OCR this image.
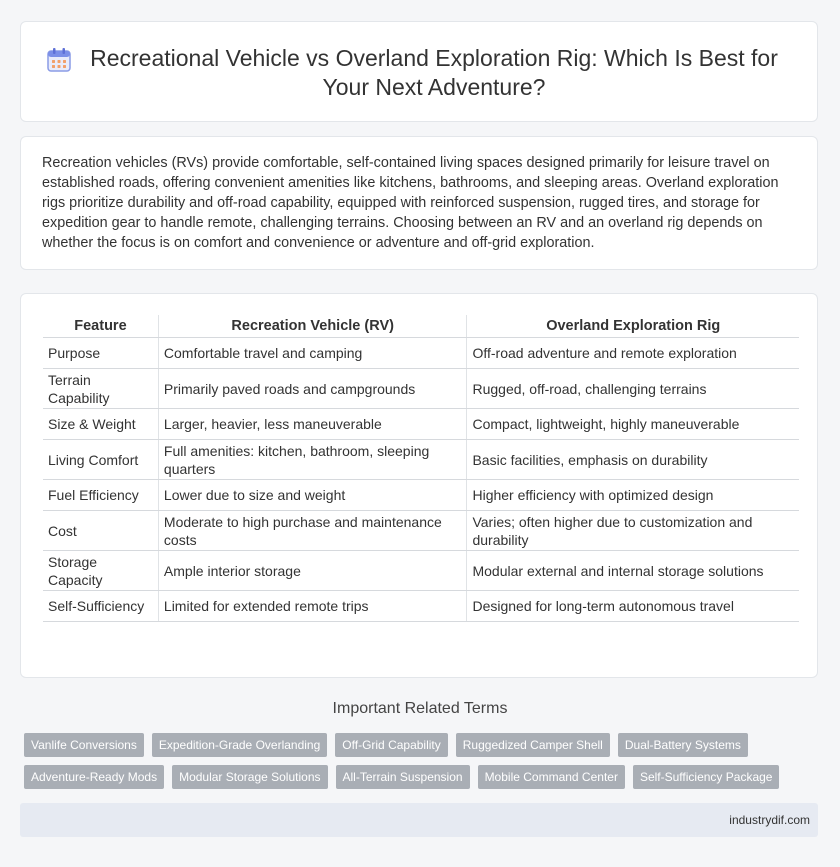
Recreational Vehicle vs Overland Exploration Rig: Which Is Best for Your Next Adventure?

Recreation vehicles (RVs) provide comfortable, self-contained living spaces designed primarily for leisure travel on established roads, offering convenient amenities like kitchens, bathrooms, and sleeping areas. Overland exploration rigs prioritize durability and off-road capability, equipped with reinforced suspension, rugged tires, and storage for expedition gear to handle remote, challenging terrains. Choosing between an RV and an overland rig depends on whether the focus is on comfort and convenience or adventure and off-grid exploration.

Feature	Recreation Vehicle (RV)	Overland Exploration Rig
Purpose	Comfortable travel and camping	Off-road adventure and remote exploration
Terrain Capability	Primarily paved roads and campgrounds	Rugged, off-road, challenging terrains
Size & Weight	Larger, heavier, less maneuverable	Compact, lightweight, highly maneuverable
Living Comfort	Full amenities: kitchen, bathroom, sleeping quarters	Basic facilities, emphasis on durability
Fuel Efficiency	Lower due to size and weight	Higher efficiency with optimized design
Cost	Moderate to high purchase and maintenance costs	Varies; often higher due to customization and durability
Storage Capacity	Ample interior storage	Modular external and internal storage solutions
Self-Sufficiency	Limited for extended remote trips	Designed for long-term autonomous travel
Important Related Terms
Vanlife Conversions	Expedition-Grade Overlanding	Off-Grid Capability	Ruggedized Camper Shell	Dual-Battery Systems
Adventure-Ready Mods	Modular Storage Solutions	All-Terrain Suspension	Mobile Command Center	Self-Sufficiency Package
industrydif.com
